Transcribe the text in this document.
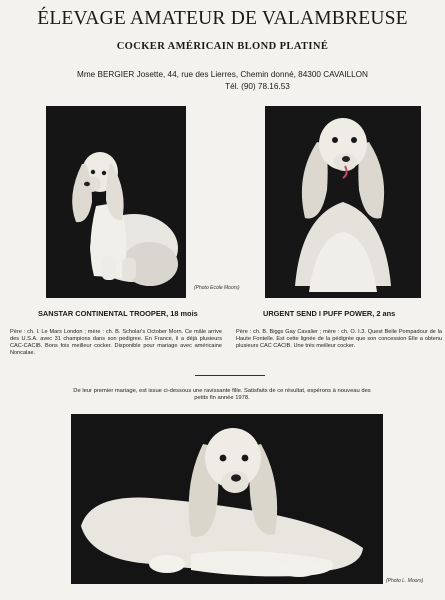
ÉLEVAGE AMATEUR DE VALAMBREUSE
COCKER AMÉRICAIN BLOND PLATINÉ
Mme BERGIER Josette, 44, rue des Lierres, Chemin donné, 84300 CAVAILLON
Tél. (90) 78.16.53
(Photo Ecole Moors)
SANSTAR CONTINENTAL TROOPER, 18 mois	URGENT SEND I PUFF POWER, 2 ans
Père : ch. I. Le Mars London ; mère : ch. B. Scholar's October Morn. Ce mâle arrive des U.S.A. avec 31 champions dans son pedigree. En France, il a déjà plusieurs CAC-CACIB. Bons fois meilleur cocker. Disponible pour mariage avec américaine Noncalae.
Père : ch. B. Biggs Gay Cavalier ; mère : ch. O. I.3. Quest Belle Pompadour de la Haute Fontelle. Est cette lignée de la pédigrée que son concession Elle a obtenu plusieurs CAC CACIB. Une très meilleur cocker.
De leur premier mariage, est issue ci-dessous une ravissante fille. Satisfaits de ce résultat, espérons à nouveau des petits fin année 1978.
(Photo L. Moors)
